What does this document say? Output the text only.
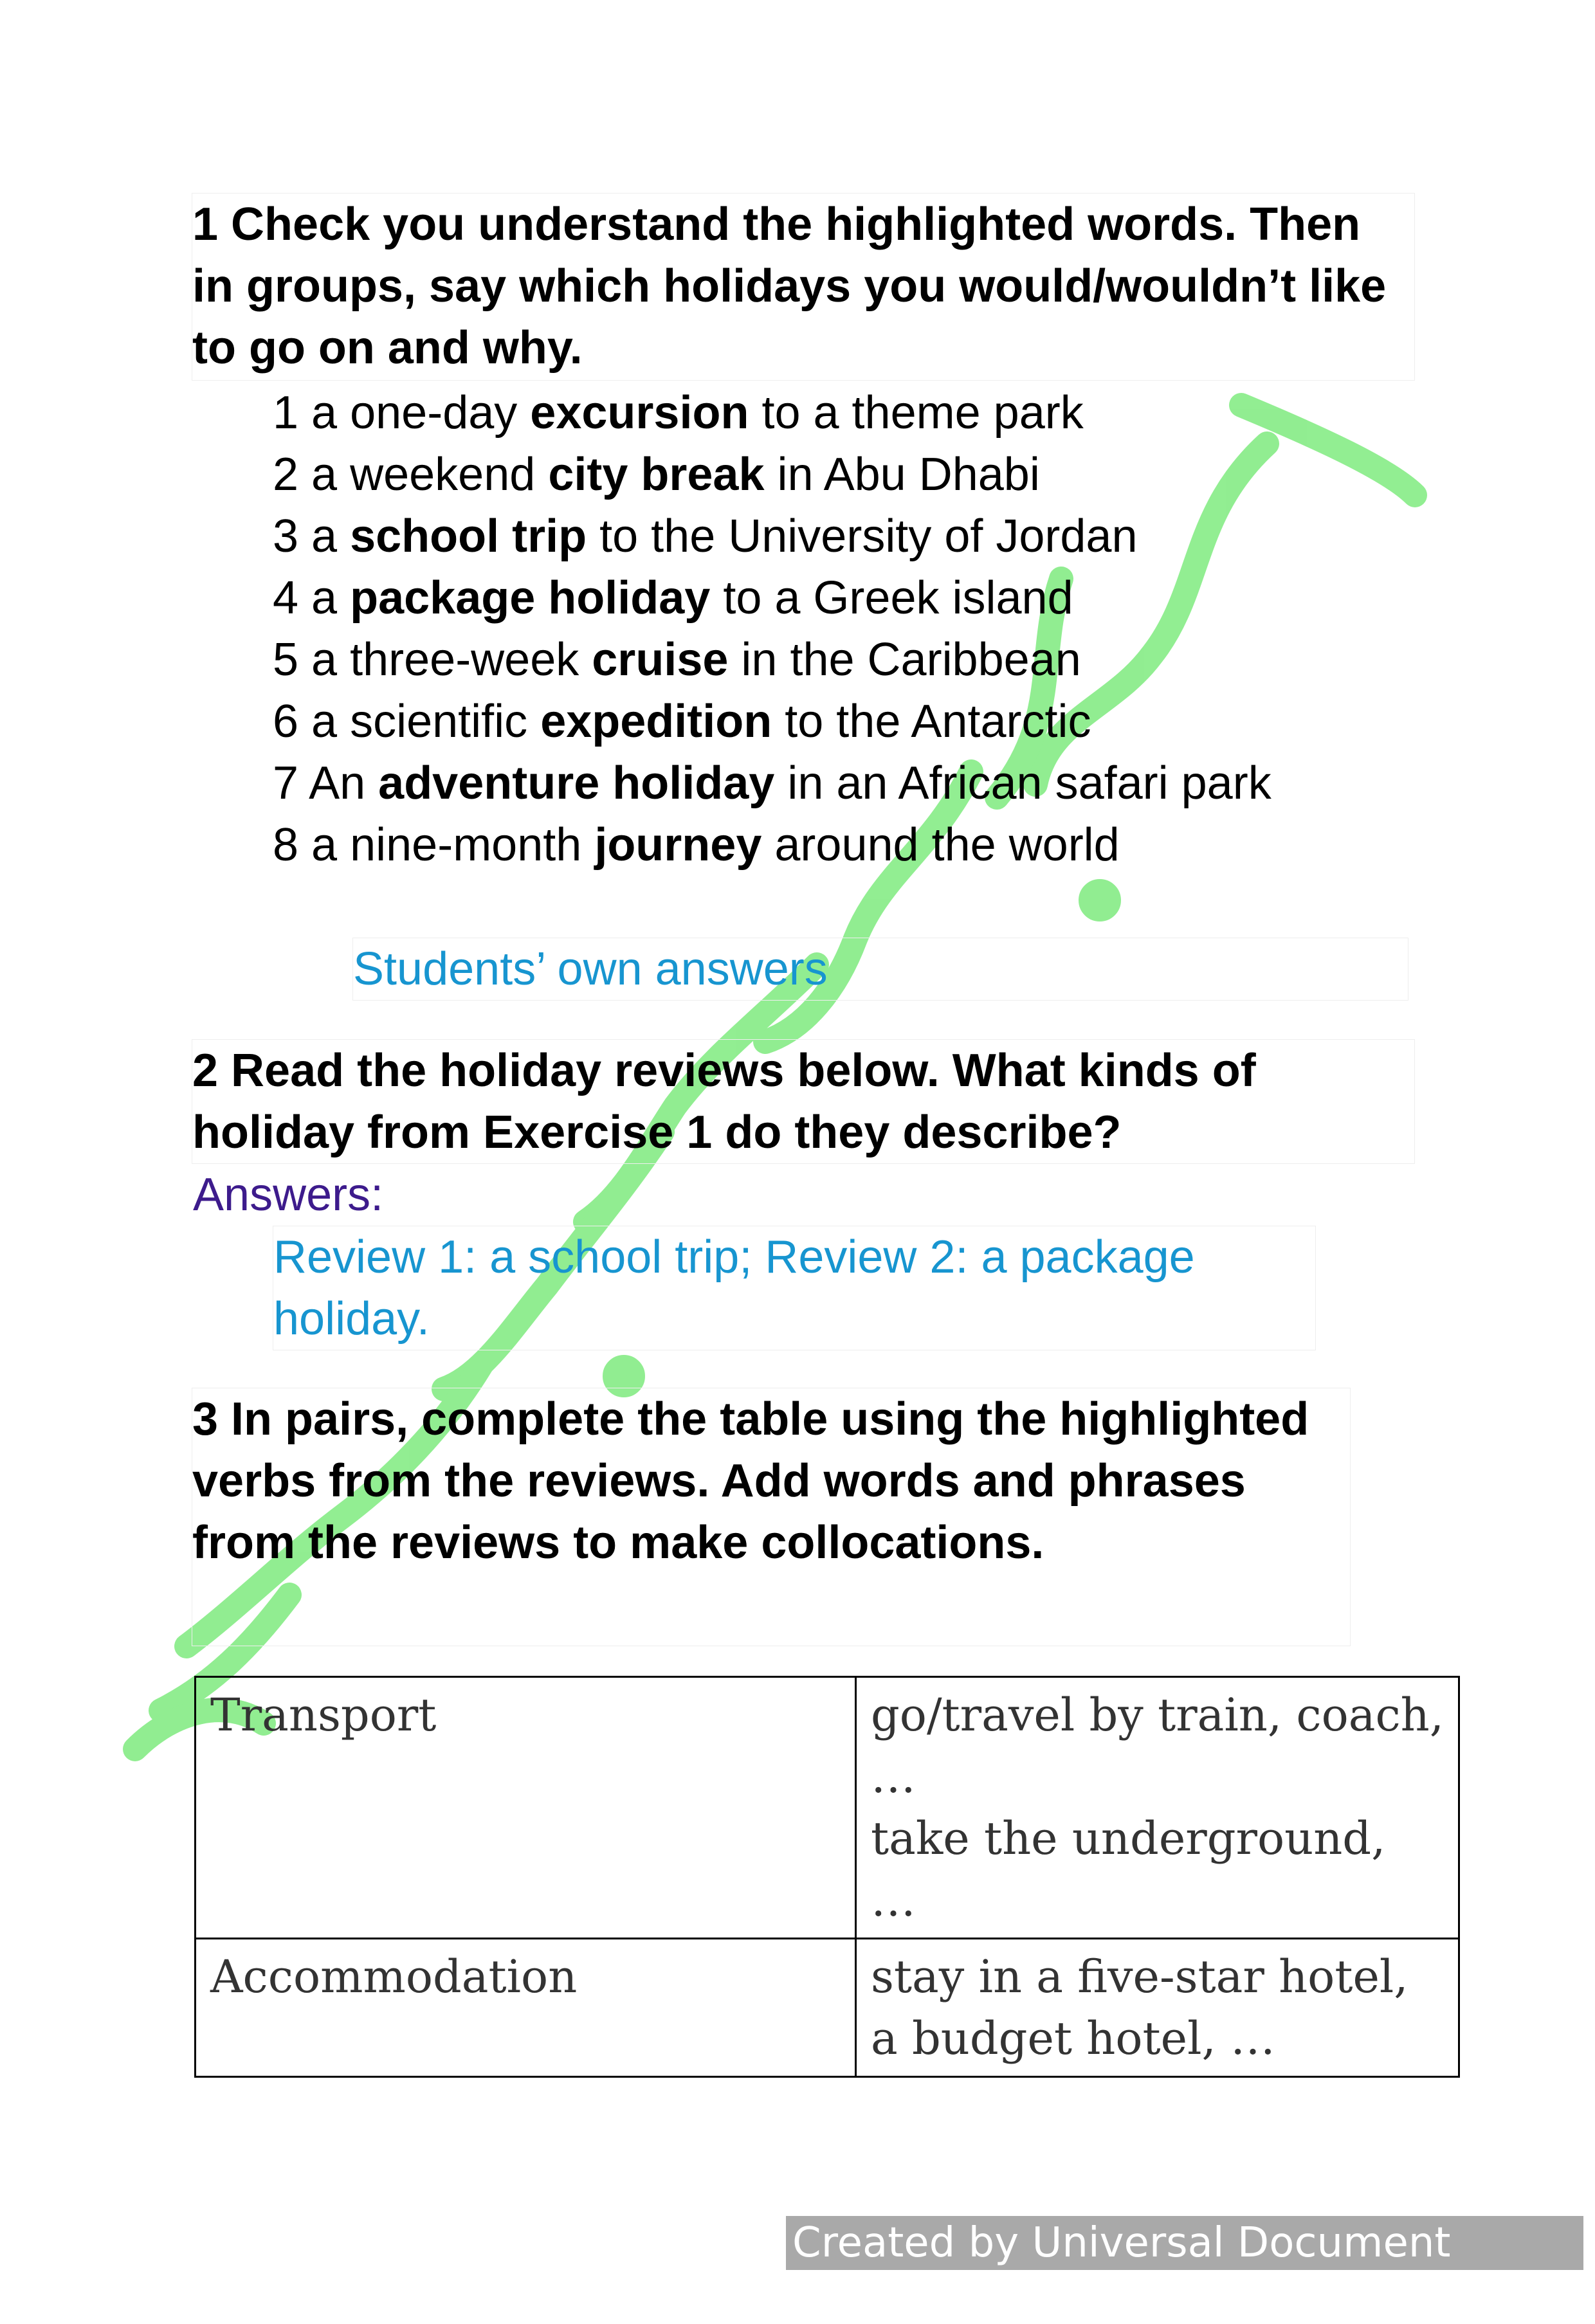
1 Check you understand the highlighted words. Then in groups, say which holidays you would/wouldn’t like to go on and why.

1 a one-day excursion to a theme park
2 a weekend city break in Abu Dhabi
3 a school trip to the University of Jordan
4 a package holiday to a Greek island
5 a three-week cruise in the Caribbean
6 a scientific expedition to the Antarctic
7 An adventure holiday in an African safari park
8 a nine-month journey around the world

Students’ own answers

2 Read the holiday reviews below. What kinds of holiday from Exercise 1 do they describe?

Answers:

Review 1: a school trip; Review 2: a package holiday.

3 In pairs, complete the table using the highlighted verbs from the reviews. Add words and phrases from the reviews to make collocations.

Transport	go/travel by train, coach, …
take the underground, …

Accommodation	stay in a five-star hotel, a budget hotel, …
Created by Universal Document Converter
